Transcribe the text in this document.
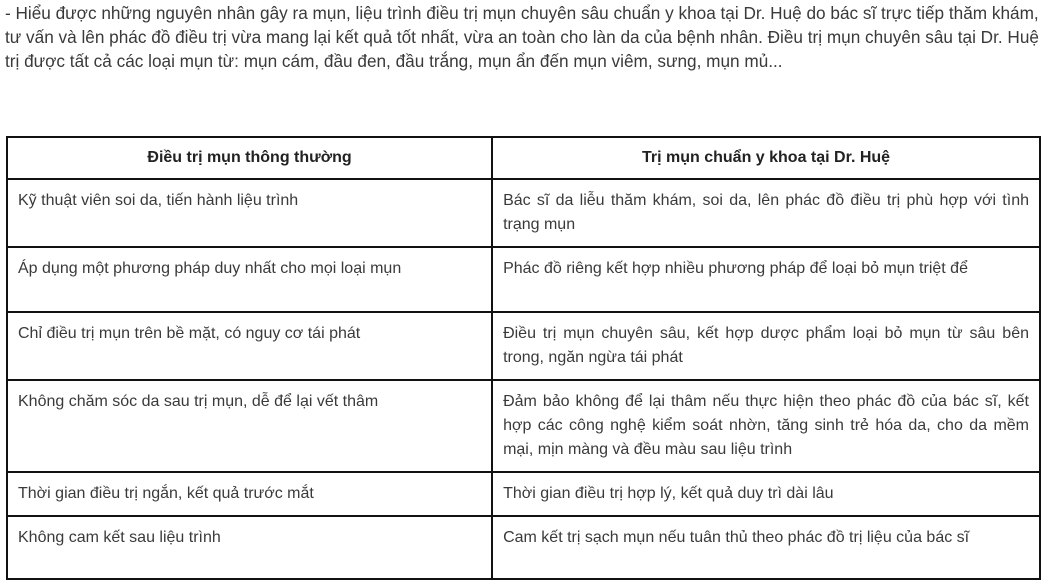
- Hiểu được những nguyên nhân gây ra mụn, liệu trình điều trị mụn chuyên sâu chuẩn y khoa tại Dr. Huệ do bác sĩ trực tiếp thăm khám, tư vấn và lên phác đồ điều trị vừa mang lại kết quả tốt nhất, vừa an toàn cho làn da của bệnh nhân. Điều trị mụn chuyên sâu tại Dr. Huệ trị được tất cả các loại mụn từ: mụn cám, đầu đen, đầu trắng, mụn ẩn đến mụn viêm, sưng, mụn mủ...

Điều trị mụn thông thường	Trị mụn chuẩn y khoa tại Dr. Huệ
Kỹ thuật viên soi da, tiến hành liệu trình	Bác sĩ da liễu thăm khám, soi da, lên phác đồ điều trị phù hợp với tình trạng mụn
Áp dụng một phương pháp duy nhất cho mọi loại mụn	Phác đồ riêng kết hợp nhiều phương pháp để loại bỏ mụn triệt để
Chỉ điều trị mụn trên bề mặt, có nguy cơ tái phát	Điều trị mụn chuyên sâu, kết hợp dược phẩm loại bỏ mụn từ sâu bên trong, ngăn ngừa tái phát
Không chăm sóc da sau trị mụn, dễ để lại vết thâm	Đảm bảo không để lại thâm nếu thực hiện theo phác đồ của bác sĩ, kết hợp các công nghệ kiểm soát nhờn, tăng sinh trẻ hóa da, cho da mềm mại, mịn màng và đều màu sau liệu trình
Thời gian điều trị ngắn, kết quả trước mắt	Thời gian điều trị hợp lý, kết quả duy trì dài lâu
Không cam kết sau liệu trình	Cam kết trị sạch mụn nếu tuân thủ theo phác đồ trị liệu của bác sĩ
